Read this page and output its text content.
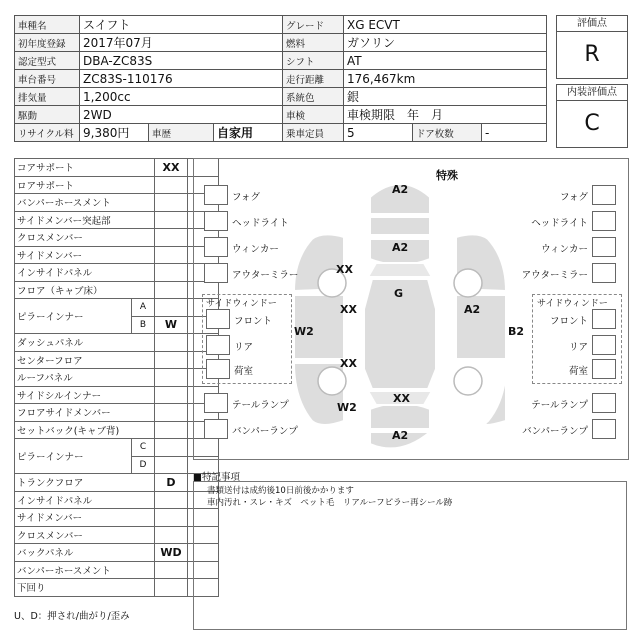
車種名	スイフト			グレード	XG ECVT		
初年度登録	2017年07月			燃料	ガソリン		
認定型式	DBA-ZC83S			シフト	AT		
車台番号	ZC83S-110176			走行距離	176,467km		
排気量	1,200cc			系統色	銀		
駆動	2WD			車検	車検期限　年　月		
リサイクル料	9,380円	車歴	自家用	乗車定員	5	ドア枚数	-
評価点
R
内装評価点
C
コアサポート		XX	
ロアサポート			
バンパーホースメント			
サイドメンバー突起部			
クロスメンバー			
サイドメンバー			
インサイドパネル			
フロア（キャブ床）			
ピラーインナー	A		
	B	W	
ダッシュパネル			
センターフロア			
ルーフパネル			
サイドシルインナー			
フロアサイドメンバー			
セットバック(キャブ背)			
ピラーインナー	C		
	D		
トランクフロア		D	
インサイドパネル			
サイドメンバー			
クロスメンバー			
バックパネル		WD	
バンパーホースメント			
下回り			
特殊
A2
A2
G
XX
XX
XX
W2
W2
XX
A2
A2
B2
フォグ
ヘッドライト
ウィンカー
アウターミラー
フォグ
ヘッドライト
ウィンカー
アウターミラー
サイドウィンドー	サイドウィンドー
フロント	フロント
リア	リア
荷室	荷室
テールランプ	テールランプ
バンパーランプ	バンパーランプ
■特記事項
書類送付は成約後10日前後かかります
車内汚れ・スレ・キズ　ペット毛　リアルーフピラー再シール跡
U、D：押され/曲がり/歪み
